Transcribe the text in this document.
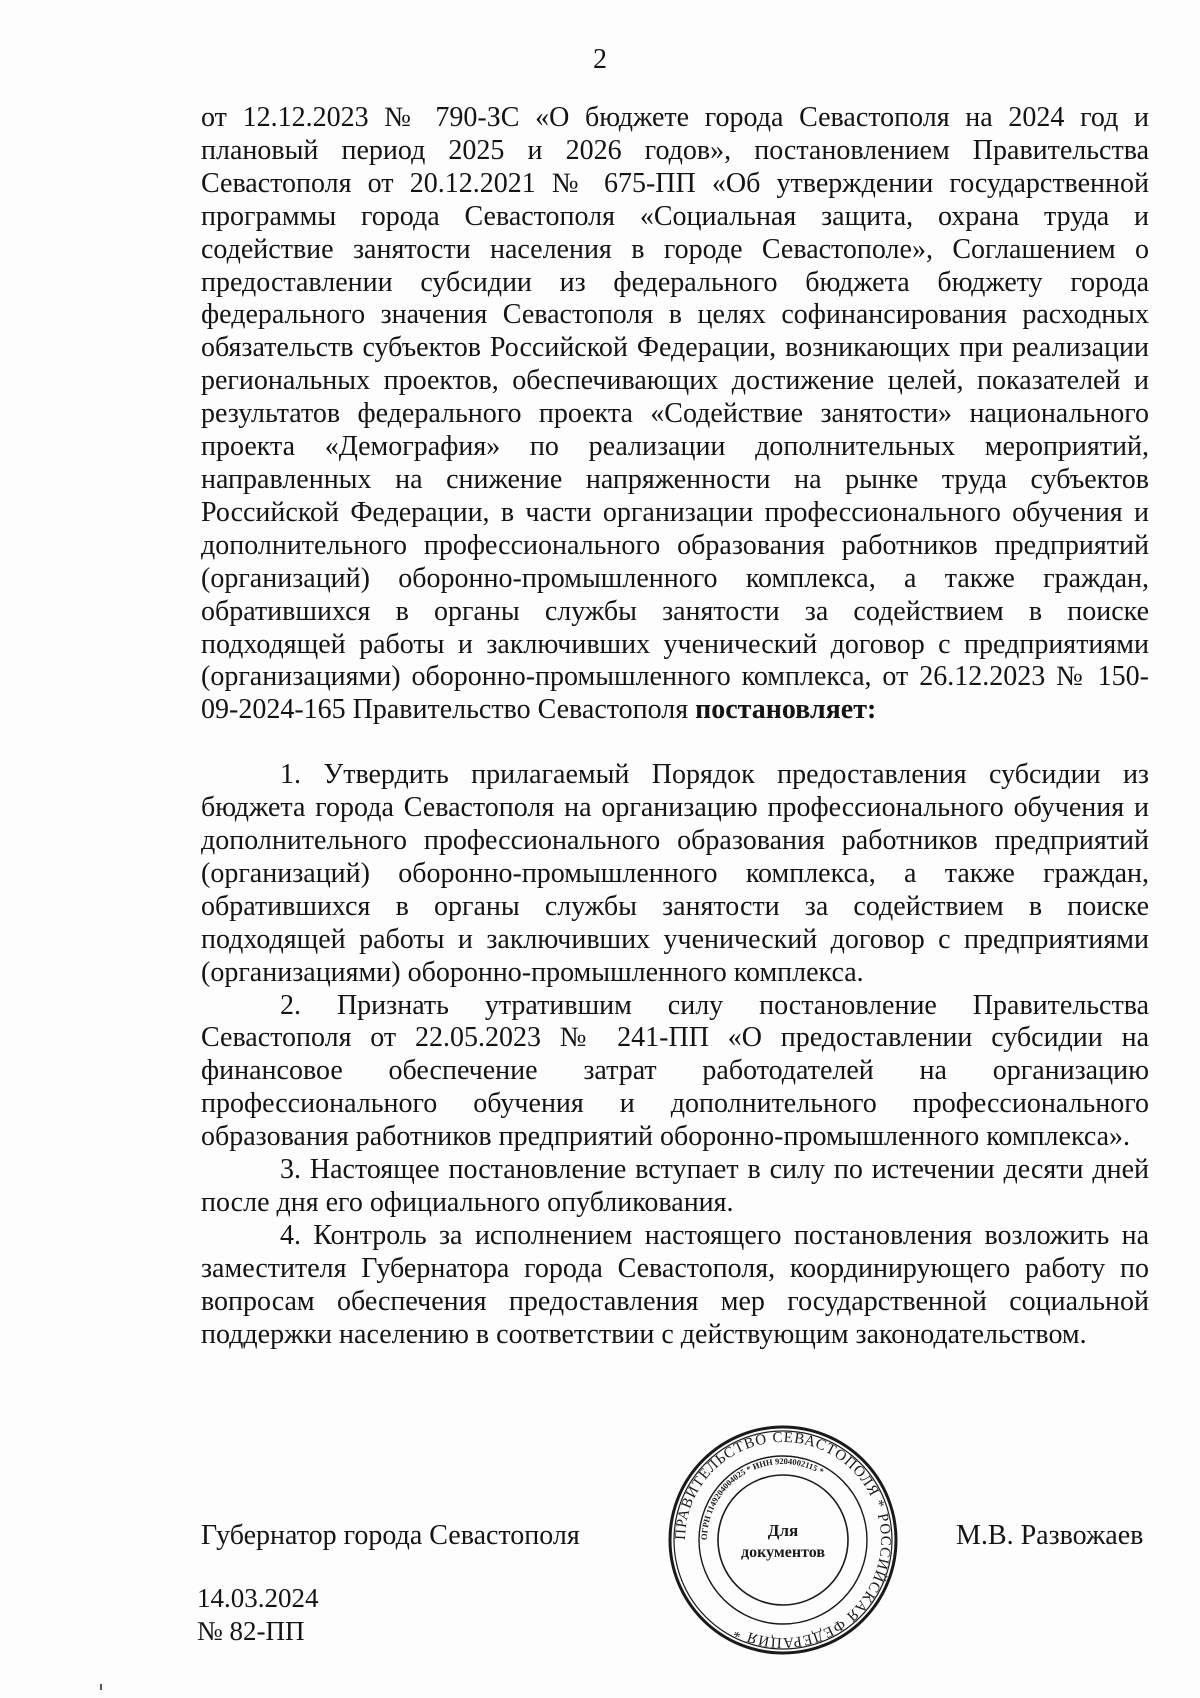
2

от 12.12.2023 № 790-ЗС «О бюджете города Севастополя на 2024 год и плановый период 2025 и 2026 годов», постановлением Правительства Севастополя от 20.12.2021 № 675-ПП «Об утверждении государственной программы города Севастополя «Социальная защита, охрана труда и содействие занятости населения в городе Севастополе», Соглашением о предоставлении субсидии из федерального бюджета бюджету города федерального значения Севастополя в целях софинансирования расходных обязательств субъектов Российской Федерации, возникающих при реализации региональных проектов, обеспечивающих достижение целей, показателей и результатов федерального проекта «Содействие занятости» национального проекта «Демография» по реализации дополнительных мероприятий, направленных на снижение напряженности на рынке труда субъектов Российской Федерации, в части организации профессионального обучения и дополнительного профессионального образования работников предприятий (организаций) оборонно-промышленного комплекса, а также граждан, обратившихся в органы службы занятости за содействием в поиске подходящей работы и заключивших ученический договор с предприятиями (организациями) оборонно-промышленного комплекса, от 26.12.2023 № 150-09-2024-165 Правительство Севастополя постановляет:

1. Утвердить прилагаемый Порядок предоставления субсидии из бюджета города Севастополя на организацию профессионального обучения и дополнительного профессионального образования работников предприятий (организаций) оборонно-промышленного комплекса, а также граждан, обратившихся в органы службы занятости за содействием в поиске подходящей работы и заключивших ученический договор с предприятиями (организациями) оборонно-промышленного комплекса.

2. Признать утратившим силу постановление Правительства Севастополя от 22.05.2023 № 241-ПП «О предоставлении субсидии на финансовое обеспечение затрат работодателей на организацию профессионального обучения и дополнительного профессионального образования работников предприятий оборонно-промышленного комплекса».

3. Настоящее постановление вступает в силу по истечении десяти дней после дня его официального опубликования.

4. Контроль за исполнением настоящего постановления возложить на заместителя Губернатора города Севастополя, координирующего работу по вопросам обеспечения предоставления мер государственной социальной поддержки населению в соответствии с действующим законодательством.

Губернатор города Севастополя	ПРАВИТЕЛЬСТВО СЕВАСТОПОЛЯ * РОССИЙСКАЯ ФЕДЕРАЦИЯ *
ОГРН 1149204004025 * ИНН 9204002115 *
Для
документов
М.В. Развожаев
14.03.2024
№ 82-ПП
